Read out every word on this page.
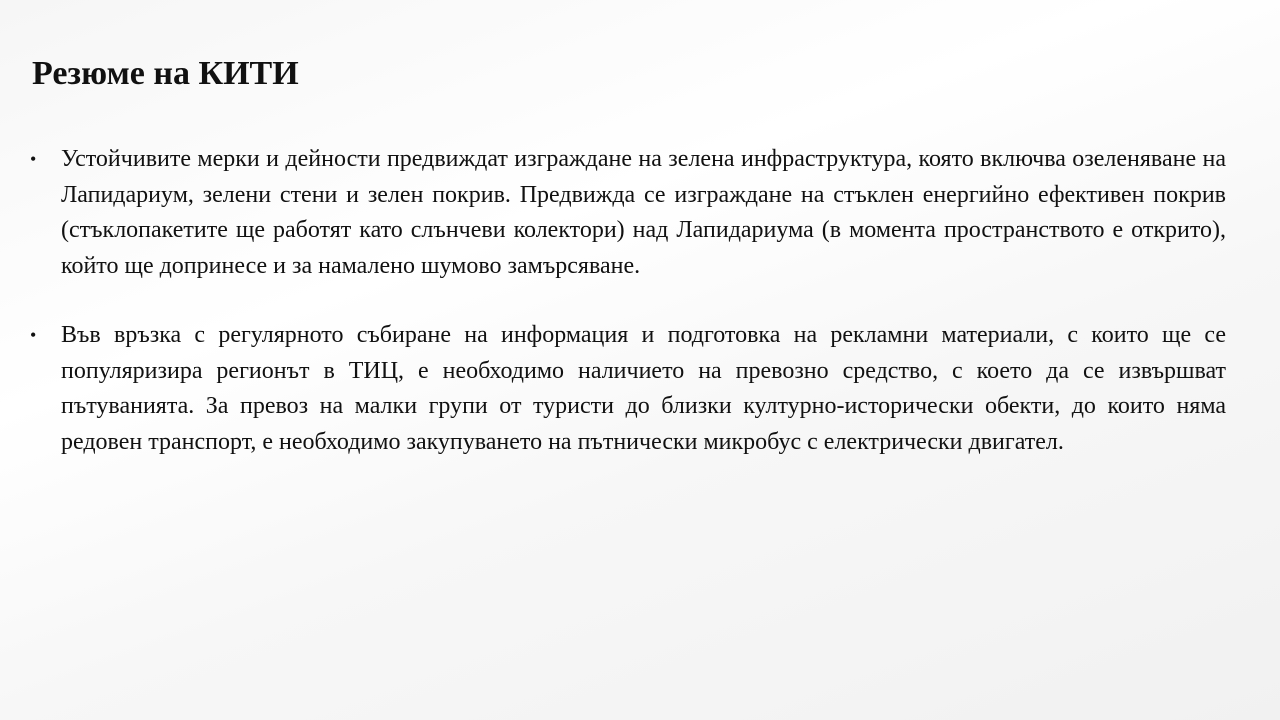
Резюме на КИТИ
• Устойчивите мерки и дейности предвиждат изграждане на зелена инфраструктура, която включва озеленяване на Лапидариум, зелени стени и зелен покрив. Предвижда се изграждане на стъклен енергийно ефективен покрив (стъклопакетите ще работят като слънчеви колектори) над Лапидариума (в момента пространството е открито), който ще допринесе и за намалено шумово замърсяване.
• Във връзка с регулярното събиране на информация и подготовка на рекламни материали, с които ще се популяризира регионът в ТИЦ, е необходимо наличието на превозно средство, с което да се извършват пътуванията. За превоз на малки групи от туристи до близки културно-исторически обекти, до които няма редовен транспорт, е необходимо закупуването на пътнически микробус с електрически двигател.
